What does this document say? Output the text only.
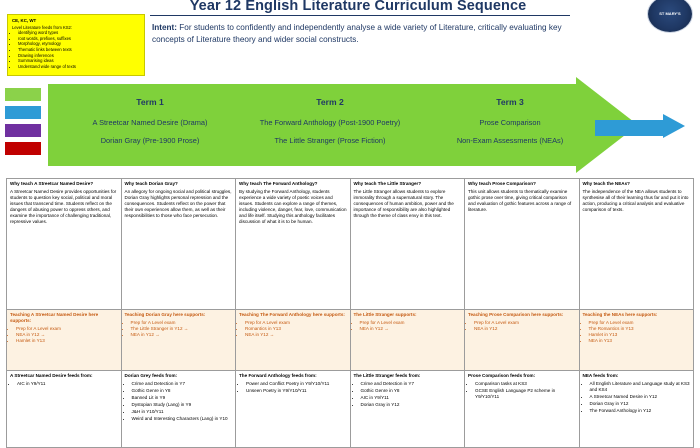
Year 12 English Literature Curriculum Sequence	ST MARY'S
CE, KC, WT
Level Literature feeds from KS2:
• identifying word types
• root words, prefixes, suffixes
• Morphology, etymology
• Thematic links between texts
• Drawing inferences
• Summarising ideas
• Understand wide range of texts
Intent: For students to confidently and independently analyse a wide variety of Literature, critically evaluating key concepts of Literature theory and wider social constructs.
Term 1
A Streetcar Named Desire (Drama)
Dorian Gray (Pre-1900 Prose)
Term 2
The Forward Anthology (Post-1900 Poetry)
The Little Stranger (Prose Fiction)
Term 3
Prose Comparison
Non-Exam Assessments (NEAs)
Why teach A Streetcar Named Desire?
A Streetcar Named Desire provides opportunities for students to question key social, political and moral issues that transcend time. Students reflect on the dangers of abusing power to oppress others, and examine the importance of challenging traditional, repressive values.	
Why teach Dorian Gray?
An allegory for ongoing social and political struggles, Dorian Gray highlights personal repression and the consequences. Students reflect on the power that their own experiences allow them, as well as their responsibilities to those who face persecution.	
Why teach The Forward Anthology?
By studying the Forward Anthology, students experience a wide variety of poetic voices and issues. Students can explore a range of themes, including violence, danger, fear, love, communication and life itself. Studying this anthology facilitates discussion of what it is to be human.	
Why teach The Little Stranger?
The Little Stranger allows students to explore immorality through a supernatural story. The consequences of human ambition, power and the importance of responsibility are also highlighted through the theme of class envy in this text.	
Why teach Prose Comparison?
This unit allows students to thematically examine gothic prose over time, giving critical comparison and evaluation of gothic features across a range of literature.	
Why teach the NEAs?
The independence of the NEA allows students to synthesise all of their learning thus far and put it into action, producing a critical analysis and evaluative comparison of texts.

Teaching A Streetcar Named Desire here supports:
• Prep for A Level exam
• NEA in Y12 →
• Hamlet in Y13

Teaching Dorian Gray here supports:
• Prep for A Level exam
• The Little Stranger in Y12 →
• NEA in Y12 →

Teaching The Forward Anthology here supports:
• Prep for A Level exam
• Romantics in Y13
• NEA in Y12 →

The Little Stranger supports:
• Prep for A Level exam
• NEA in Y12 →

Teaching Prose Comparison here supports:
• Prep for A Level exam
• NEA in Y12

Teaching the NEAs here supports:
• Prep for A Level exam
• The Romantics in Y13
• Hamlet in Y13
• NEA in Y13

A Streetcar Named Desire feeds from:
• AIC in Y9/Y11

Dorian Grey feeds from:
• Crime and Detection in Y7
• Gothic Genre in Y8
• Banned Lit in Y9
• Dystopian Study (Lang) in Y9
• J&H in Y10/Y11
• Weird and Interesting Characters (Lang) in Y10

The Forward Anthology feeds from:
• Power and Conflict Poetry in Y9/Y10/Y11
• Unseen Poetry in Y9/Y10/Y11

The Little Stranger feeds from:
• Crime and Detection in Y7
• Gothic Genre in Y8
• AIC in Y9/Y11
• Dorian Gray in Y12

Prose Comparison feeds from:
• Comparison tasks at KS3
• GCSE English Language P2 scheme in Y9/Y10/Y11

NEA feeds from:
• All English Literature and Language study at KS3 and KS4
• A Streetcar Named Desire in Y12
• Dorian Gray in Y12
• The Forward Anthology in Y12
